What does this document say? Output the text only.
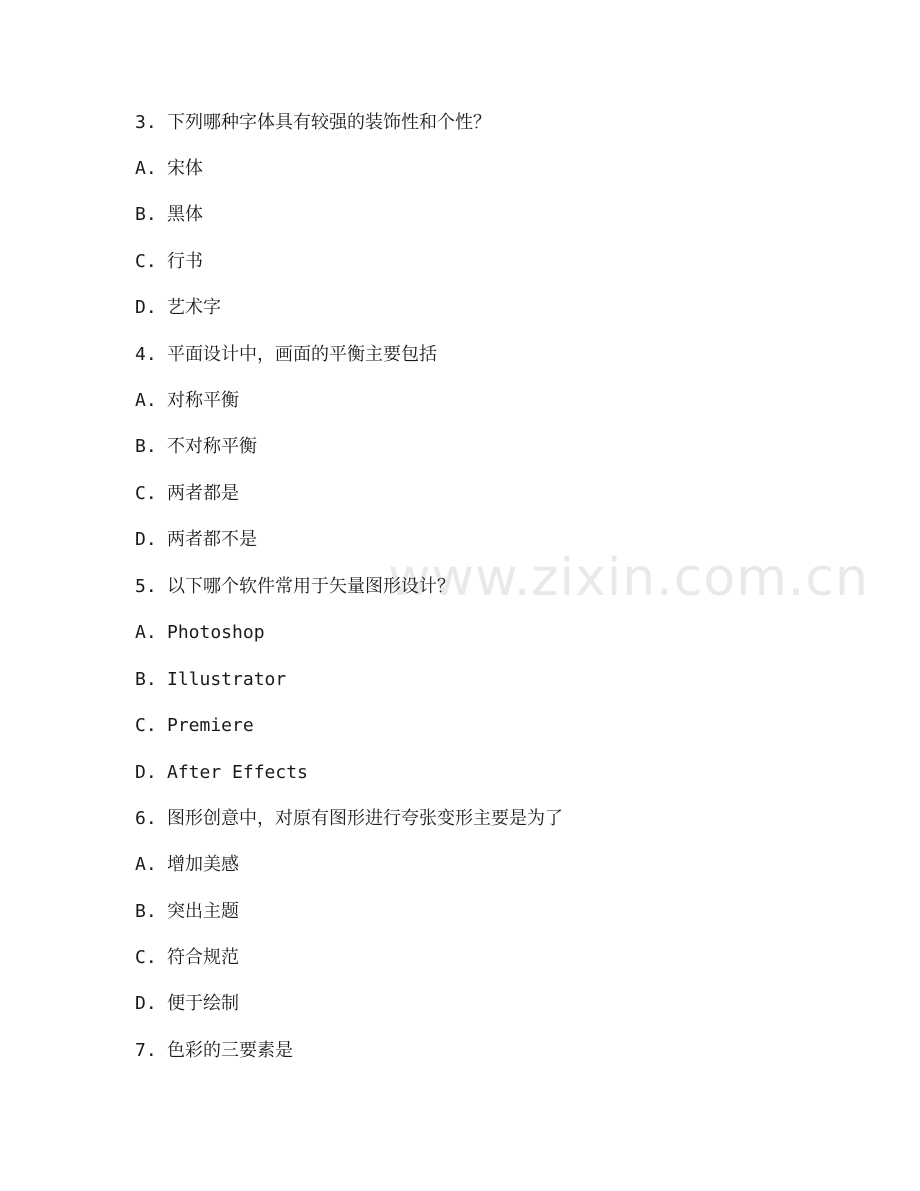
www.zixin.com.cn
3. 下列哪种字体具有较强的装饰性和个性？
A. 宋体
B. 黑体
C. 行书
D. 艺术字
4. 平面设计中，画面的平衡主要包括
A. 对称平衡
B. 不对称平衡
C. 两者都是
D. 两者都不是
5. 以下哪个软件常用于矢量图形设计？
A. Photoshop
B. Illustrator
C. Premiere
D. After Effects
6. 图形创意中，对原有图形进行夸张变形主要是为了
A. 增加美感
B. 突出主题
C. 符合规范
D. 便于绘制
7. 色彩的三要素是
